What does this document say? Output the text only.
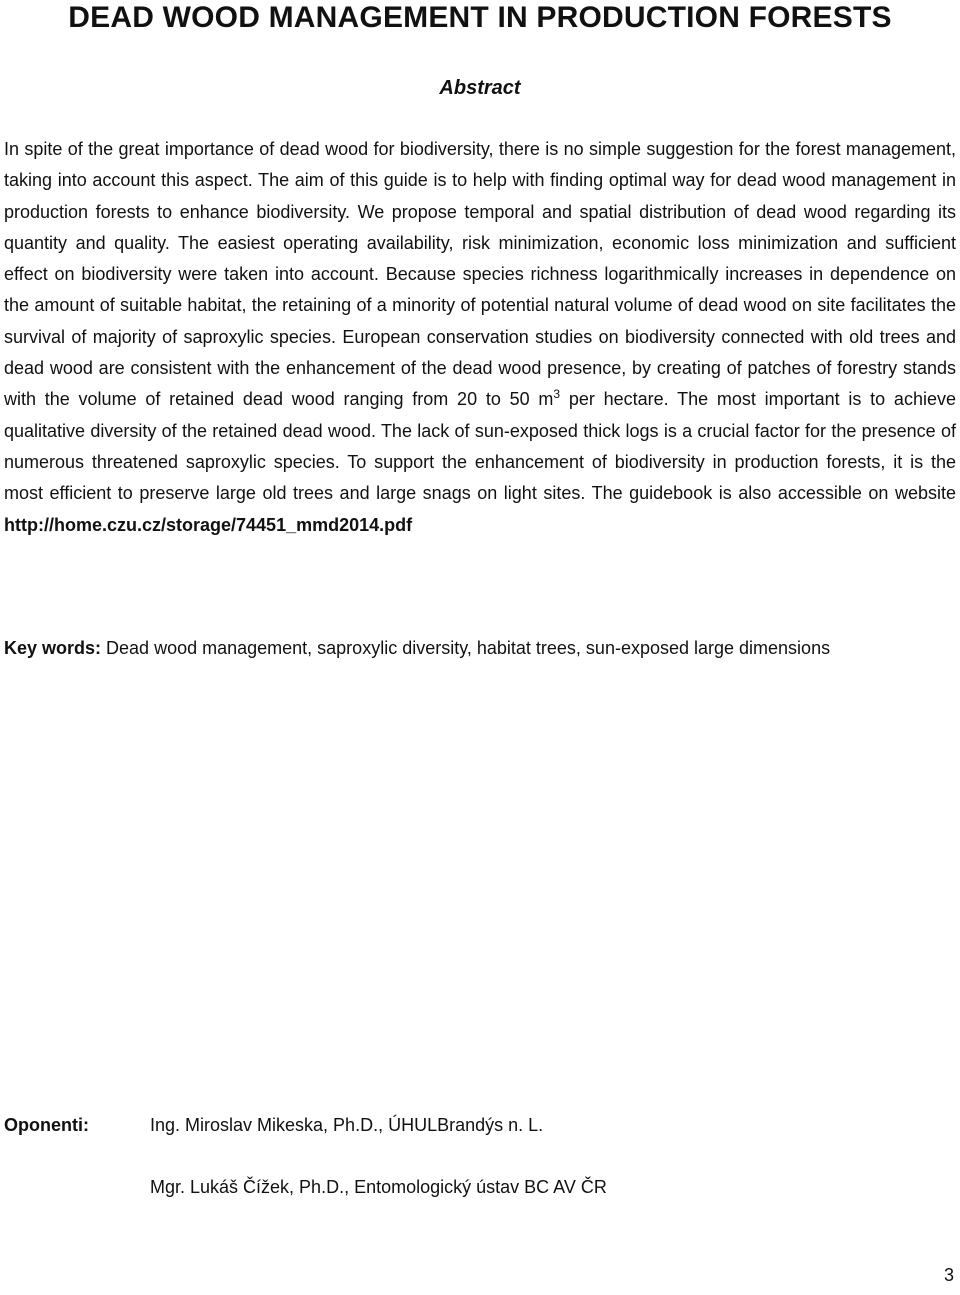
DEAD WOOD MANAGEMENT IN PRODUCTION FORESTS
Abstract

In spite of the great importance of dead wood for biodiversity, there is no simple suggestion for the forest management, taking into account this aspect. The aim of this guide is to help with finding optimal way for dead wood management in production forests to enhance biodiversity. We propose temporal and spatial distribution of dead wood regarding its quantity and quality. The easiest operating availability, risk minimization, economic loss minimization and sufficient effect on biodiversity were taken into account. Because species richness logarithmically increases in dependence on the amount of suitable habitat, the retaining of a minority of potential natural volume of dead wood on site facilitates the survival of majority of saproxylic species. European conservation studies on biodiversity connected with old trees and dead wood are consistent with the enhancement of the dead wood presence, by creating of patches of forestry stands with the volume of retained dead wood ranging from 20 to 50 $m^3$ per hectare. The most important is to achieve qualitative diversity of the retained dead wood. The lack of sun-exposed thick logs is a crucial factor for the presence of numerous threatened saproxylic species. To support the enhancement of biodiversity in production forests, it is the most efficient to preserve large old trees and large snags on light sites. The guidebook is also accessible on website http://home.czu.cz/storage/74451_mmd2014.pdf

Key words: Dead wood management, saproxylic diversity, habitat trees, sun-exposed large dimensions

Oponenti:	Ing. Miroslav Mikeska, Ph.D., ÚHULBrandýs n. L.
Mgr. Lukáš Čížek, Ph.D., Entomologický ústav BC AV ČR
3
